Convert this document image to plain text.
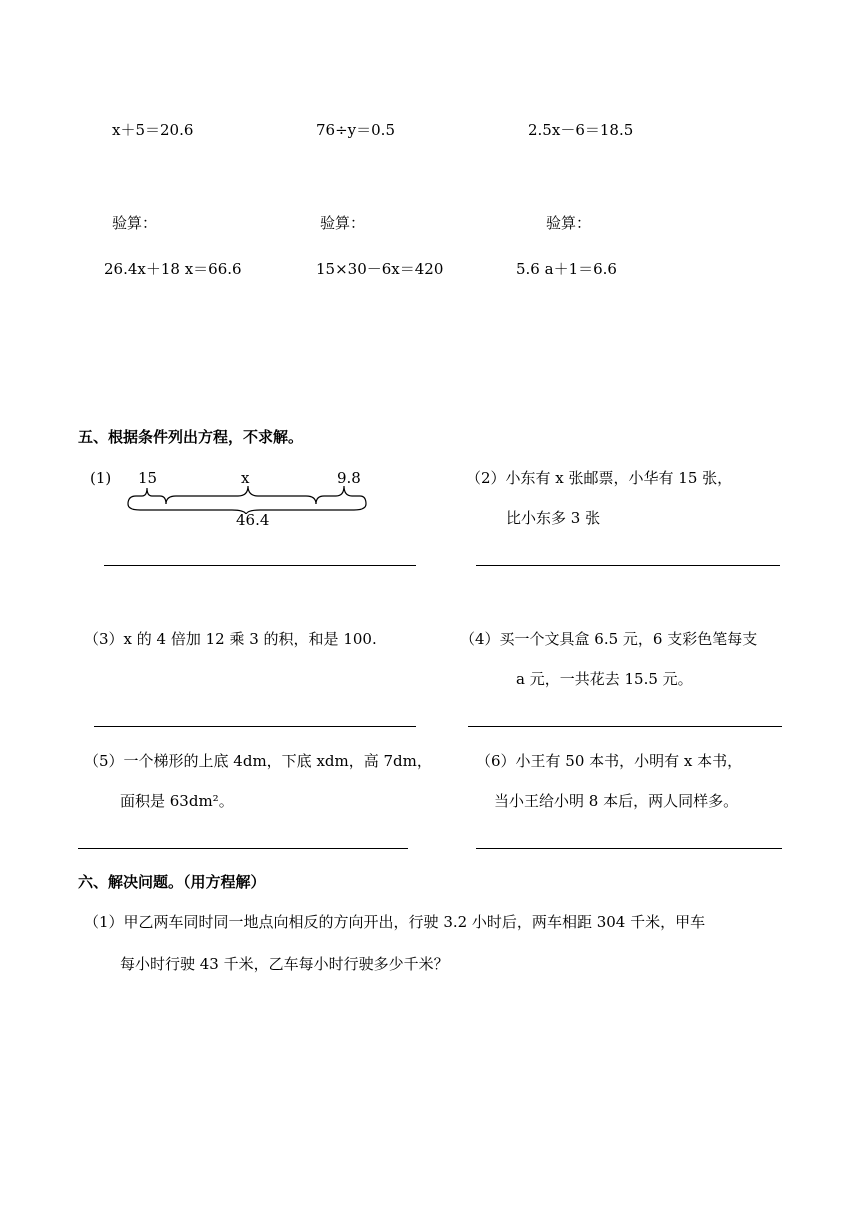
x＋5＝20.6	76÷y＝0.5	2.5x－6＝18.5
验算：	验算：	验算：
26.4x＋18 x＝66.6	15×30－6x＝420	5.6 a＋1＝6.6
五、根据条件列出方程，不求解。
(1) 15	x	9.8
46.4
（2）小东有 x 张邮票，小华有 15 张，
比小东多 3 张
（3）x 的 4 倍加 12 乘 3 的积，和是 100.	（4）买一个文具盒 6.5 元，6 支彩色笔每支
a 元，一共花去 15.5 元。
（5）一个梯形的上底 4dm，下底 xdm，高 7dm，
面积是 63dm²。
（6）小王有 50 本书，小明有 x 本书，
当小王给小明 8 本后，两人同样多。
六、解决问题。（用方程解）
（1）甲乙两车同时同一地点向相反的方向开出，行驶 3.2 小时后，两车相距 304 千米，甲车
每小时行驶 43 千米，乙车每小时行驶多少千米？
